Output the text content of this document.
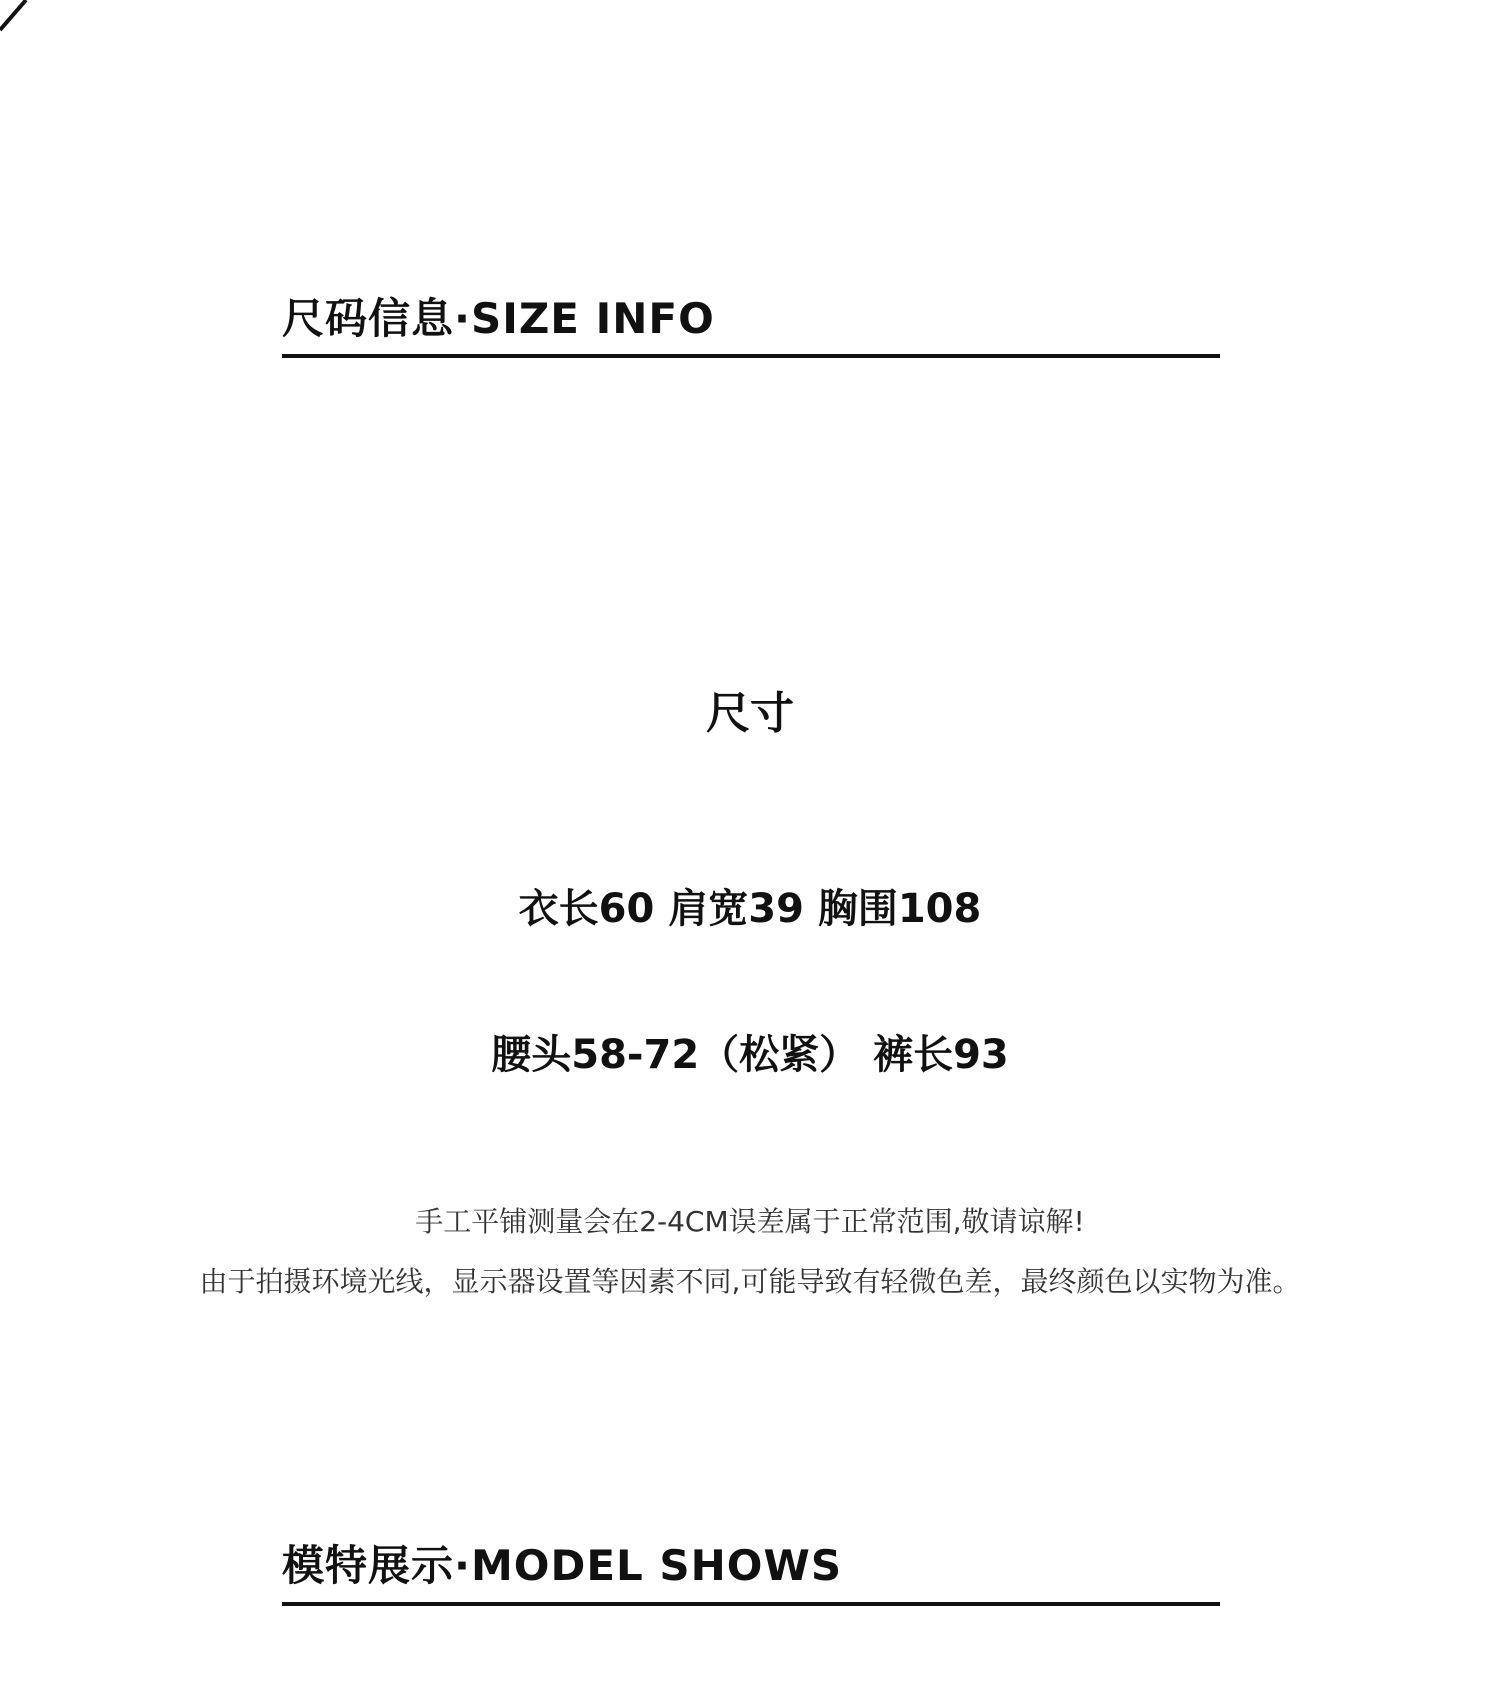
尺码信息·SIZE INFO
尺寸
衣长60 肩宽39 胸围108
腰头58-72（松紧） 裤长93
手工平铺测量会在2-4CM误差属于正常范围,敬请谅解!
由于拍摄环境光线，显示器设置等因素不同,可能导致有轻微色差，最终颜色以实物为准。
模特展示·MODEL SHOWS
